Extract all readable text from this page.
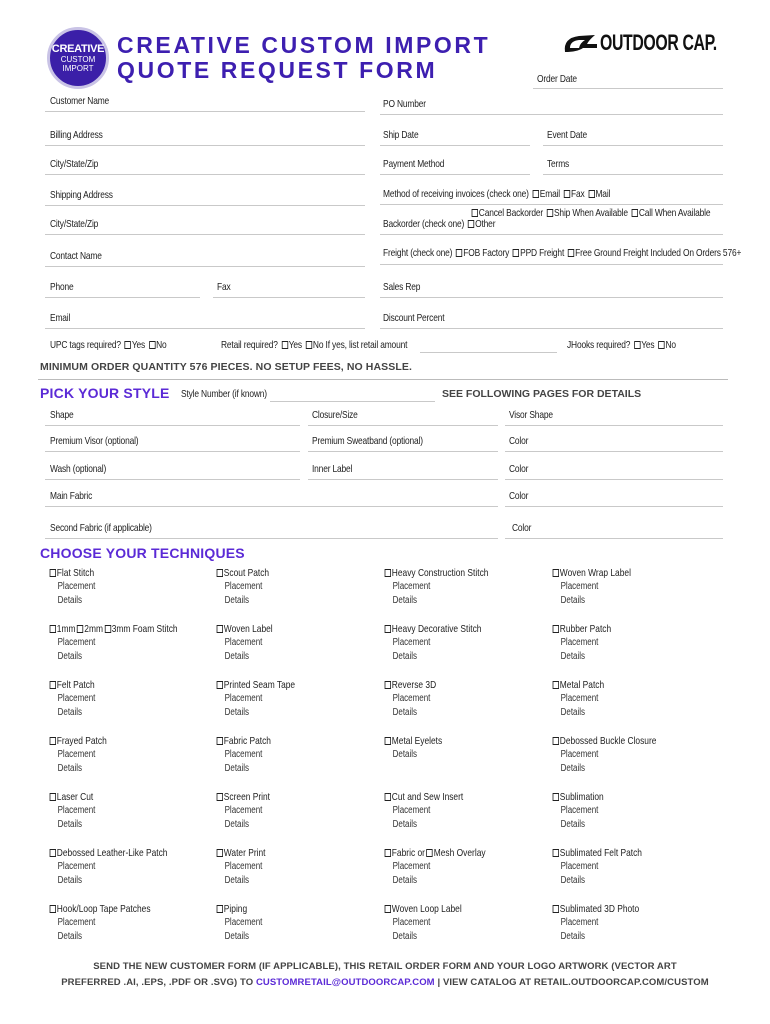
CREATIVE
CUSTOM
IMPORT
CREATIVE CUSTOM IMPORT
QUOTE REQUEST FORM
OUTDOOR CAP.
Order Date
Customer Name	PO Number
Billing Address	Ship Date	Event Date
City/State/Zip	Payment Method	Terms
Shipping Address	Method of receiving invoices (check one) Email Fax Mail
Cancel Backorder Ship When Available Call When Available
City/State/Zip	Backorder (check one) Other
Contact Name	Freight (check one) FOB Factory PPD Freight Free Ground Freight Included On Orders 576+
Phone	Fax	Sales Rep
Email	Discount Percent
UPC tags required? Yes No	Retail required? Yes No If yes, list retail amount	JHooks required? Yes No
MINIMUM ORDER QUANTITY 576 PIECES. NO SETUP FEES, NO HASSLE.
PICK YOUR STYLE Style Number (if known)	SEE FOLLOWING PAGES FOR DETAILS
Shape	Closure/Size	Visor Shape
Premium Visor (optional)	Premium Sweatband (optional)	Color
Wash (optional)	Inner Label	Color
Main Fabric	Color
Second Fabric (if applicable)	Color
CHOOSE YOUR TECHNIQUES
Flat Stitch
Placement
Details
Scout Patch
Placement
Details
Heavy Construction Stitch
Placement
Details
Woven Wrap Label
Placement
Details
1mm 2mm 3mm Foam Stitch
Placement
Details
Woven Label
Placement
Details
Heavy Decorative Stitch
Placement
Details
Rubber Patch
Placement
Details
Felt Patch
Placement
Details
Printed Seam Tape
Placement
Details
Reverse 3D
Placement
Details
Metal Patch
Placement
Details
Frayed Patch
Placement
Details
Fabric Patch
Placement
Details
Metal Eyelets
Details
Debossed Buckle Closure
Placement
Details
Laser Cut
Placement
Details
Screen Print
Placement
Details
Cut and Sew Insert
Placement
Details
Sublimation
Placement
Details
Debossed Leather-Like Patch
Placement
Details
Water Print
Placement
Details
Fabric or Mesh Overlay
Placement
Details
Sublimated Felt Patch
Placement
Details
Hook/Loop Tape Patches
Placement
Details
Piping
Placement
Details
Woven Loop Label
Placement
Details
Sublimated 3D Photo
Placement
Details
SEND THE NEW CUSTOMER FORM (IF APPLICABLE), THIS RETAIL ORDER FORM AND YOUR LOGO ARTWORK (VECTOR ART
PREFERRED .AI, .EPS, .PDF OR .SVG) TO CUSTOMRETAIL@OUTDOORCAP.COM | VIEW CATALOG AT RETAIL.OUTDOORCAP.COM/CUSTOM
